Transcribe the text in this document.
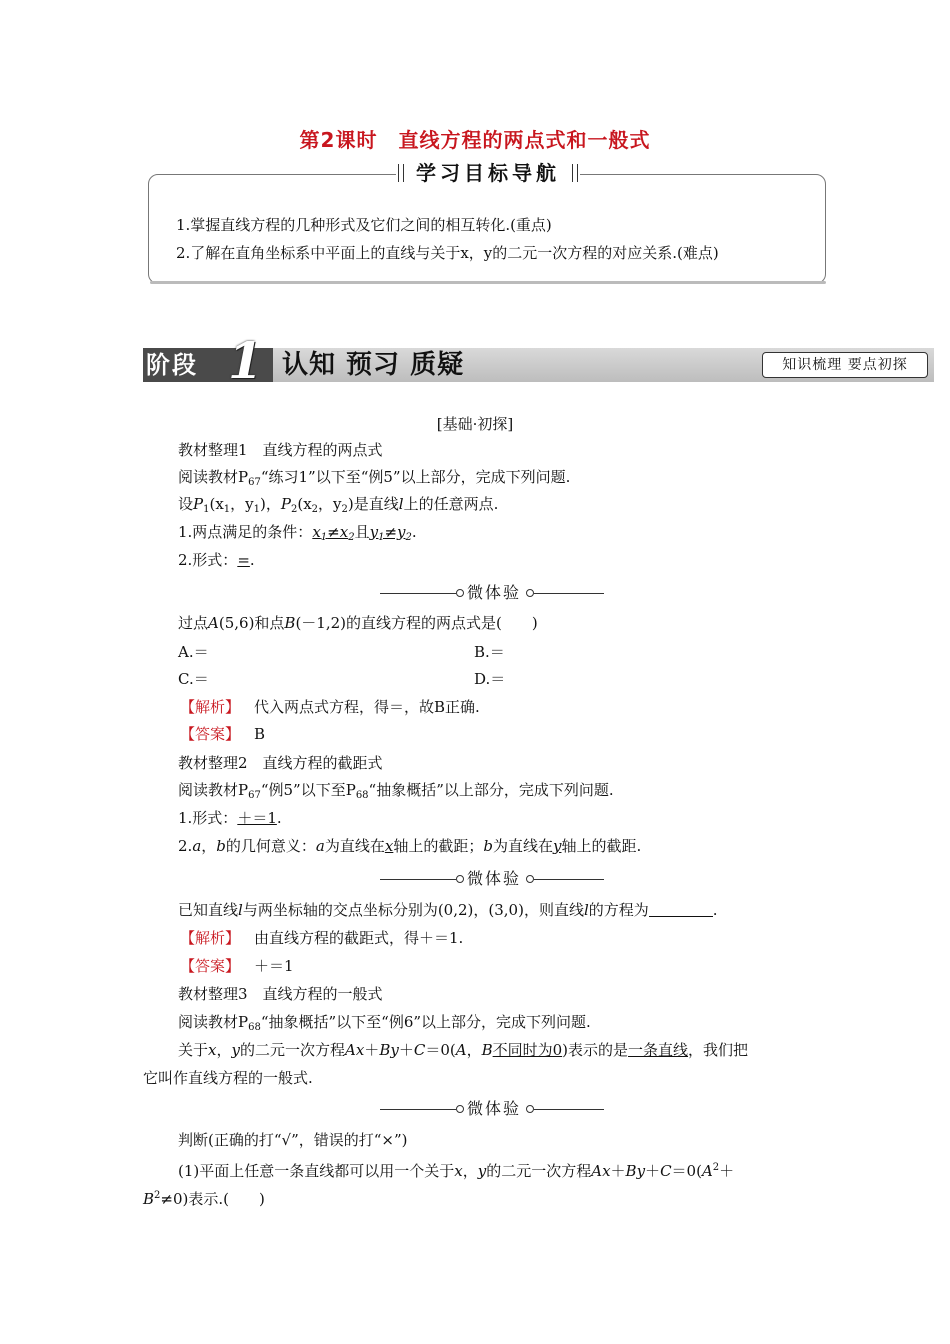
第2课时　直线方程的两点式和一般式
学习目标导航
1.掌握直线方程的几种形式及它们之间的相互转化.(重点)
2.了解在直角坐标系中平面上的直线与关于x，y的二元一次方程的对应关系.(难点)
阶段 1 认知 预习 质疑	知识梳理 要点初探
[基础·初探]
教材整理1　直线方程的两点式
阅读教材$P_{67}“$练习1”以下至“例5”以上部分，完成下列问题.
设$P_1(x_1$，$y_1$)，$P_2(x_2$，$y_2$)是直线l上的任意两点.
1.两点满足的条件：$x_1\ne x_2$且$y_1\ne y_2$.
2.形式：=.
微体验
过点A(5,6)和点B(－1,2)的直线方程的两点式是(　　)
A.＝	B.＝
C.＝	D.＝
【解析】 代入两点式方程，得＝，故B正确.
【答案】 B
教材整理2　直线方程的截距式
阅读教材$P_{67}“$例5”以下至$P_{68}“$抽象概括”以上部分，完成下列问题.
1.形式：＋＝1.
2.a，b的几何意义：a为直线在x轴上的截距；b为直线在y轴上的截距.
微体验
已知直线l与两坐标轴的交点坐标分别为(0,2)，(3,0)，则直线l的方程为	.
【解析】 由直线方程的截距式，得＋＝1.
【答案】 ＋＝1
教材整理3　直线方程的一般式
阅读教材$P_{68}“$抽象概括”以下至“例6”以上部分，完成下列问题.
关于x，y的二元一次方程Ax＋By＋C＝0(A，B不同时为0)表示的是一条直线，我们把
它叫作直线方程的一般式.
微体验
判断(正确的打“√”，错误的打“×”)
(1)平面上任意一条直线都可以用一个关于x，y的二元一次方程$Ax+By+C=0(A^2+$
$B^2\ne 0$)表示.(　　)
